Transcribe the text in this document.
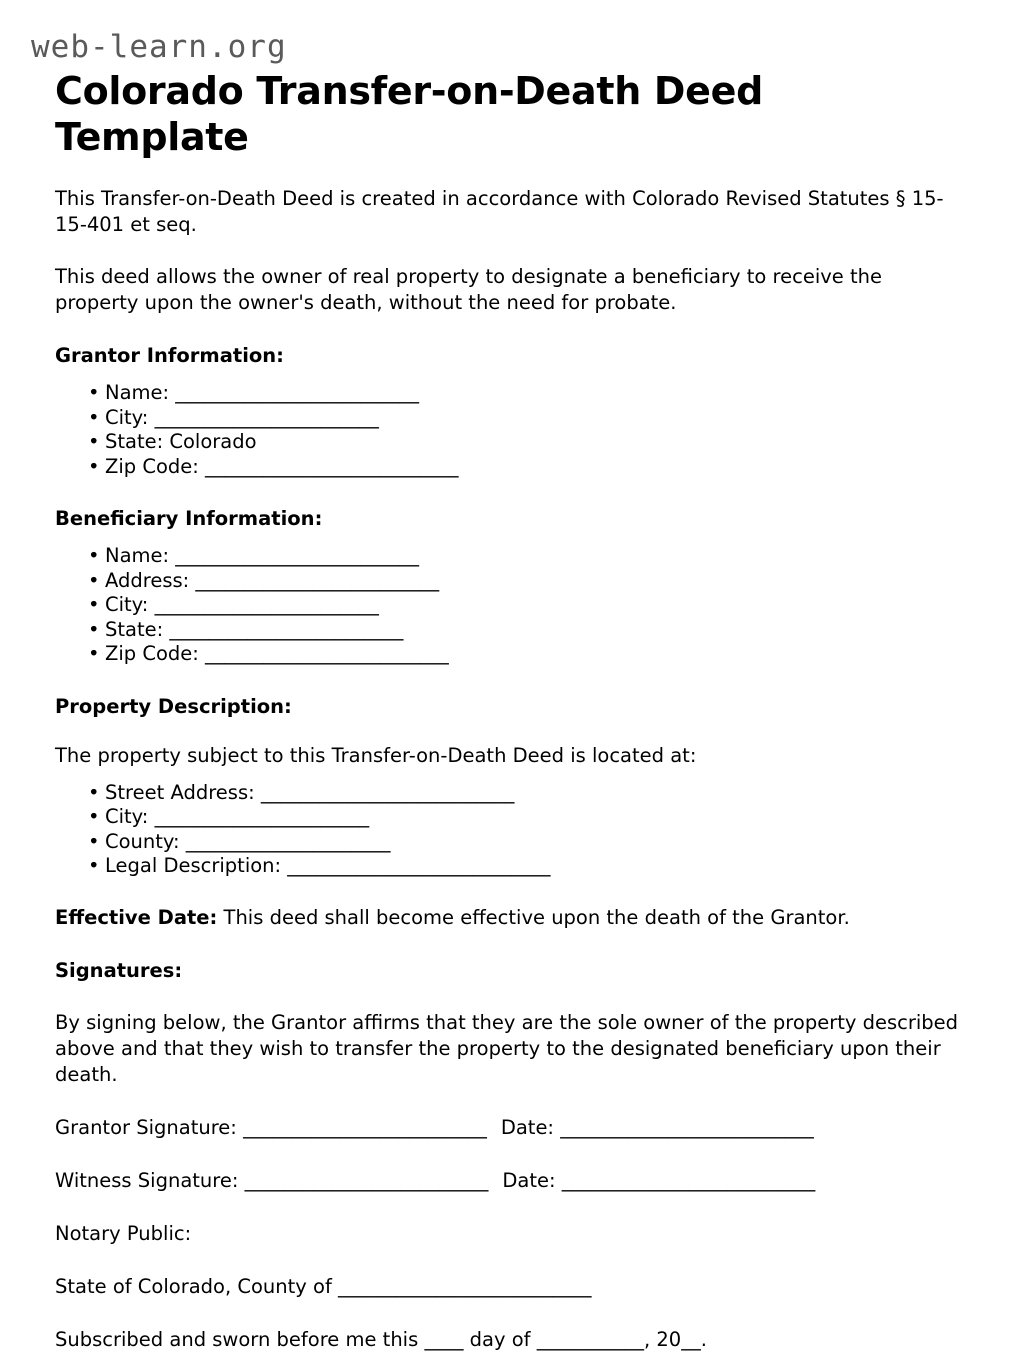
web-learn.org
Colorado Transfer-on-Death Deed Template

This Transfer-on-Death Deed is created in accordance with Colorado Revised Statutes § 15-15-401 et seq.

This deed allows the owner of real property to designate a beneficiary to receive the property upon the owner's death, without the need for probate.

Grantor Information:
• Name: _________________________
• City: _______________________
• State: Colorado
• Zip Code: __________________________
Beneficiary Information:
• Name: _________________________
• Address: _________________________
• City: _______________________
• State: ________________________
• Zip Code: _________________________
Property Description:

The property subject to this Transfer-on-Death Deed is located at:

• Street Address: __________________________
• City: ______________________
• County: _____________________
• Legal Description: ___________________________

Effective Date: This deed shall become effective upon the death of the Grantor.

Signatures:

By signing below, the Grantor affirms that they are the sole owner of the property described above and that they wish to transfer the property to the designated beneficiary upon their death.

Grantor Signature: _________________________ Date: __________________________

Witness Signature: _________________________ Date: __________________________

Notary Public:

State of Colorado, County of __________________________

Subscribed and sworn before me this ____ day of ___________, 20__.
